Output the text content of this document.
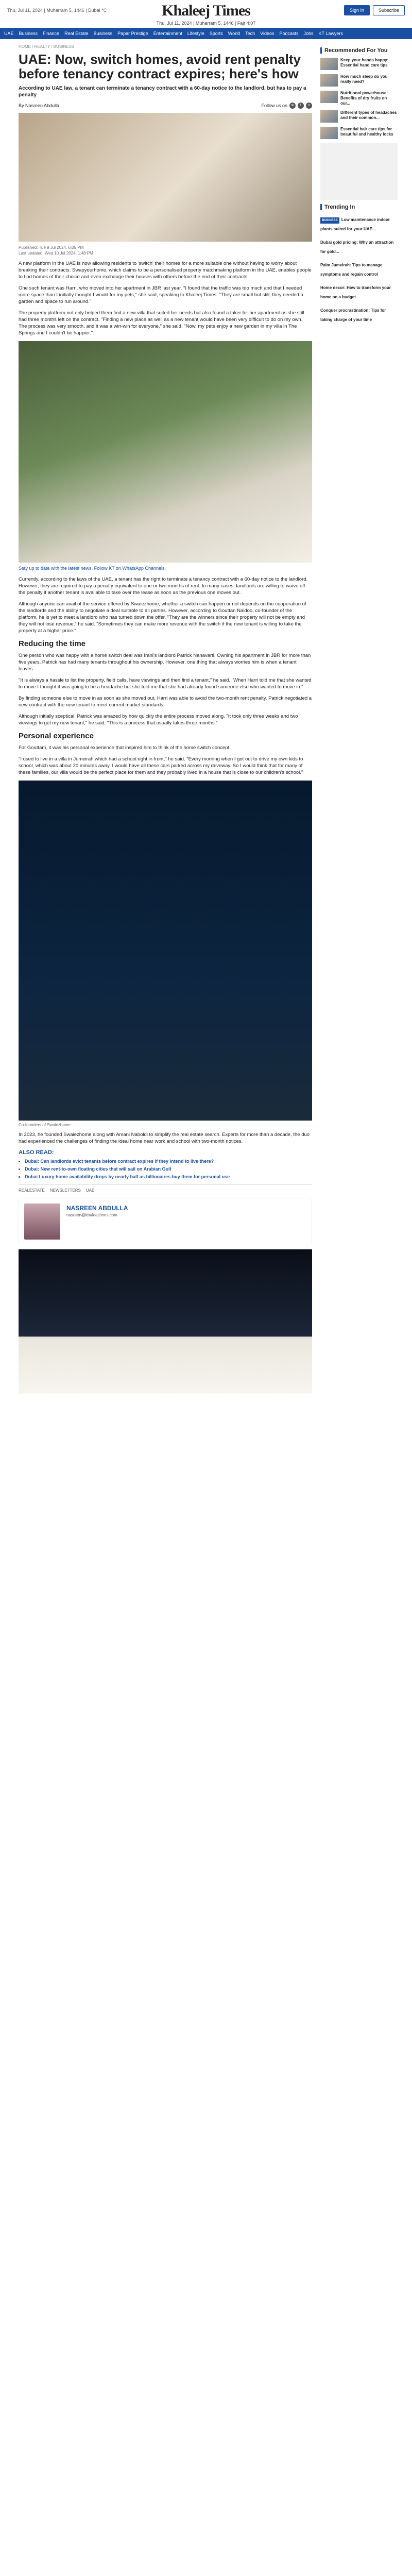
Thu, Jul 11, 2024 | Muharram 5, 1446 | Dubai °C	Sign In	Subscribe
Khaleej Times
Thu, Jul 11, 2024 | Muharram 5, 1446 | Fajr 4:07
UAE Business Finance Real Estate Business Papar Prestige Entertainment Lifestyle Sports World Tech Videos Podcasts Jobs KT Lawyers
HOME / REALTY / BUSINESS
UAE: Now, switch homes, avoid rent penalty before tenancy contract expires; here's how
According to UAE law, a tenant can terminate a tenancy contract with a 60-day notice to the landlord, but has to pay a penalty
By Nasreen Abdulla	Follow us on	w	f	x
Published: Tue 9 Jul 2024, 6:05 PM
Last updated: Wed 10 Jul 2024, 1:48 PM

A new platform in the UAE is now allowing residents to 'switch' their homes for a more suitable one without having to worry about breaking their contracts. Swapyourhome, which claims to be a personalised property matchmaking platform in the UAE, enables people to find homes of their choice and even exchange their houses with others before the end of their contracts.

One such tenant was Harri, who moved into her apartment in JBR last year. "I found that the traffic was too much and that I needed more space than I initially thought I would for my pets," she said, speaking to Khaleej Times. "They are small but still, they needed a garden and space to run around."

The property platform not only helped them find a new villa that suited her needs but also found a taker for her apartment as she still had three months left on the contract. "Finding a new place as well as a new tenant would have been very difficult to do on my own. The process was very smooth, and it was a win-win for everyone," she said. "Now, my pets enjoy a new garden in my villa in The Springs and I couldn't be happier."

Stay up to date with the latest news. Follow KT on WhatsApp Channels.

Currently, according to the laws of the UAE, a tenant has the right to terminate a tenancy contract with a 60-day notice to the landlord. However, they are required to pay a penalty equivalent to one or two months of rent. In many cases, landlords are willing to waive off the penalty if another tenant is available to take over the lease as soon as the previous one moves out.

Although anyone can avail of the service offered by Swaiezhome, whether a switch can happen or not depends on the cooperation of the landlords and the ability to negotiate a deal suitable to all parties. However, according to Gouttan Naidoo, co-founder of the platform, he is yet to meet a landlord who has turned down the offer. "They are the winners since their property will not be empty and they will not lose revenue," he said. "Sometimes they can make more revenue with the switch if the new tenant is willing to take the property at a higher price."

Reducing the time

One person who was happy with a home switch deal was Irani's landlord Patrick Nanavarti. Owning his apartment in JBR for more than five years, Patrick has had many tenants throughout his ownership. However, one thing that always worries him is when a tenant leaves.

"It is always a hassle to list the property, field calls, have viewings and then find a tenant," he said. "When Harri told me that she wanted to move I thought it was going to be a headache but she told me that she had already found someone else who wanted to move in."

By finding someone else to move in as soon as she moved out, Harri was able to avoid the two-month rent penalty. Patrick negotiated a new contract with the new tenant to meet current market standards.

Although initially sceptical, Patrick was amazed by how quickly the entire process moved along. "It took only three weeks and two viewings to get my new tenant," he said. "This is a process that usually takes three months."

Personal experience

For Gouttam, it was his personal experience that inspired him to think of the home switch concept.

"I used to live in a villa in Jumeirah which had a school right in front," he said. "Every morning when I got out to drive my own kids to school, which was about 20 minutes away, I would have all these cars parked across my driveway. So I would think that for many of these families, our villa would be the perfect place for them and they probably lived in a house that is close to our children's school."

Co-founders of Swaiezhome

In 2023, he founded Swaiezhome along with Amani Naboldi to simplify the real estate search. Experts for more than a decade, the duo had experienced the challenges of finding the ideal home near work and school with two-month notices.

ALSO READ:
• Dubai: Can landlords evict tenants before contract expires if they intend to live there?
• Dubai: New rent-to-own floating cities that will sail on Arabian Gulf
• Dubai Luxury home availability drops by nearly half as billionaires buy them for personal use
REALESTATE NEWSLETTERS UAE
NASREEN ABDULLA
nasreen@khaleejtimes.com
Recommended For You
Keep your hands happy: Essential hand care tips
How much sleep do you really need?
Nutritional powerhouse: Benefits of dry fruits on our...
Different types of headaches and their common...
Essential hair care tips for beautiful and healthy locks
Trending In
BUSINESS Low maintenance indoor plants suited for your UAE...
Dubai gold pricing: Why an attraction for gold...
Palm Jumeirah: Tips to manage symptoms and regain control
Home decor: How to transform your home on a budget
Conquer procrastination: Tips for taking charge of your time
